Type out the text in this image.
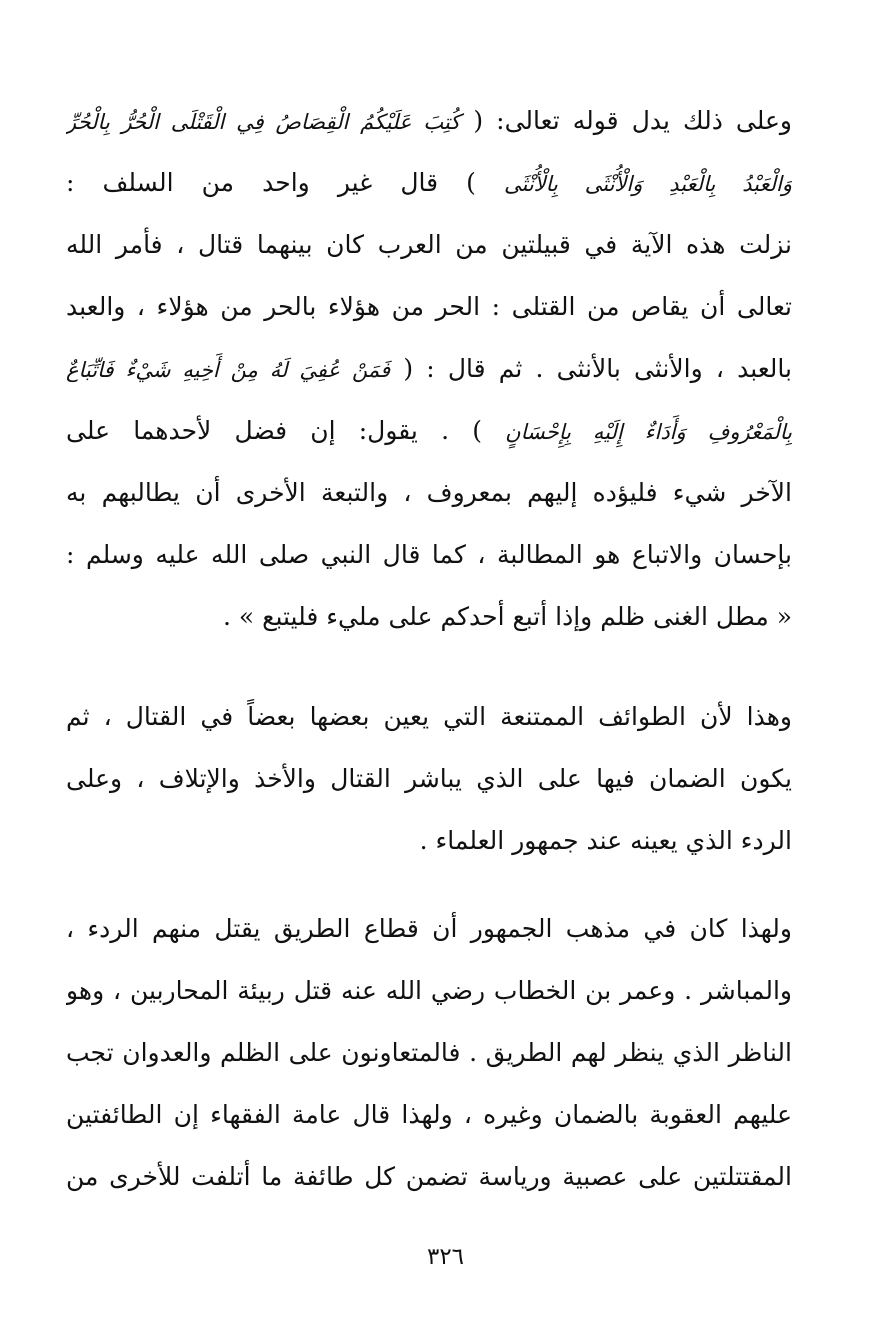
وعلى ذلك يدل قوله تعالى: ( كُتِبَ عَلَيْكُمُ الْقِصَاصُ فِي الْقَتْلَى الْحُرُّ بِالْحُرِّ
وَالْعَبْدُ بِالْعَبْدِ وَالْأُنْثَى بِالْأُنْثَى ) قال غير واحد من السلف :
نزلت هذه الآية في قبيلتين من العرب كان بينهما قتال ، فأمر الله
تعالى أن يقاص من القتلى : الحر من هؤلاء بالحر من هؤلاء ، والعبد
بالعبد ، والأنثى بالأنثى . ثم قال : ( فَمَنْ عُفِيَ لَهُ مِنْ أَخِيهِ شَيْءٌ فَاتِّبَاعٌ
بِالْمَعْرُوفِ وَأَدَاءٌ إِلَيْهِ بِإِحْسَانٍ ) . يقول: إن فضل لأحدهما على
الآخر شيء فليؤده إليهم بمعروف ، والتبعة الأخرى أن يطالبهم به
بإحسان والاتباع هو المطالبة ، كما قال النبي صلى الله عليه وسلم :
« مطل الغنى ظلم وإذا أتبع أحدكم على مليء فليتبع » .
وهذا لأن الطوائف الممتنعة التي يعين بعضها بعضاً في القتال ، ثم
يكون الضمان فيها على الذي يباشر القتال والأخذ والإتلاف ، وعلى
الردء الذي يعينه عند جمهور العلماء .
ولهذا كان في مذهب الجمهور أن قطاع الطريق يقتل منهم الردء ،
والمباشر . وعمر بن الخطاب رضي الله عنه قتل ربيئة المحاربين ، وهو
الناظر الذي ينظر لهم الطريق . فالمتعاونون على الظلم والعدوان تجب
عليهم العقوبة بالضمان وغيره ، ولهذا قال عامة الفقهاء إن الطائفتين
المقتتلتين على عصبية ورياسة تضمن كل طائفة ما أتلفت للأخرى من
٣٢٦
